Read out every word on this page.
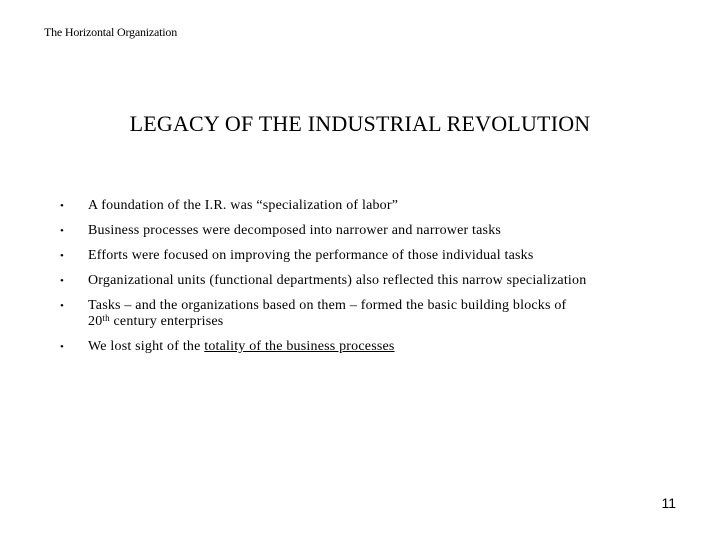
The Horizontal Organization
LEGACY OF THE INDUSTRIAL REVOLUTION
• A foundation of the I.R. was “specialization of labor”
• Business processes were decomposed into narrower and narrower tasks
• Efforts were focused on improving the performance of those individual tasks
• Organizational units (functional departments) also reflected this narrow specialization
• Tasks – and the organizations based on them – formed the basic building blocks of
20th century enterprises
• We lost sight of the totality of the business processes
11
